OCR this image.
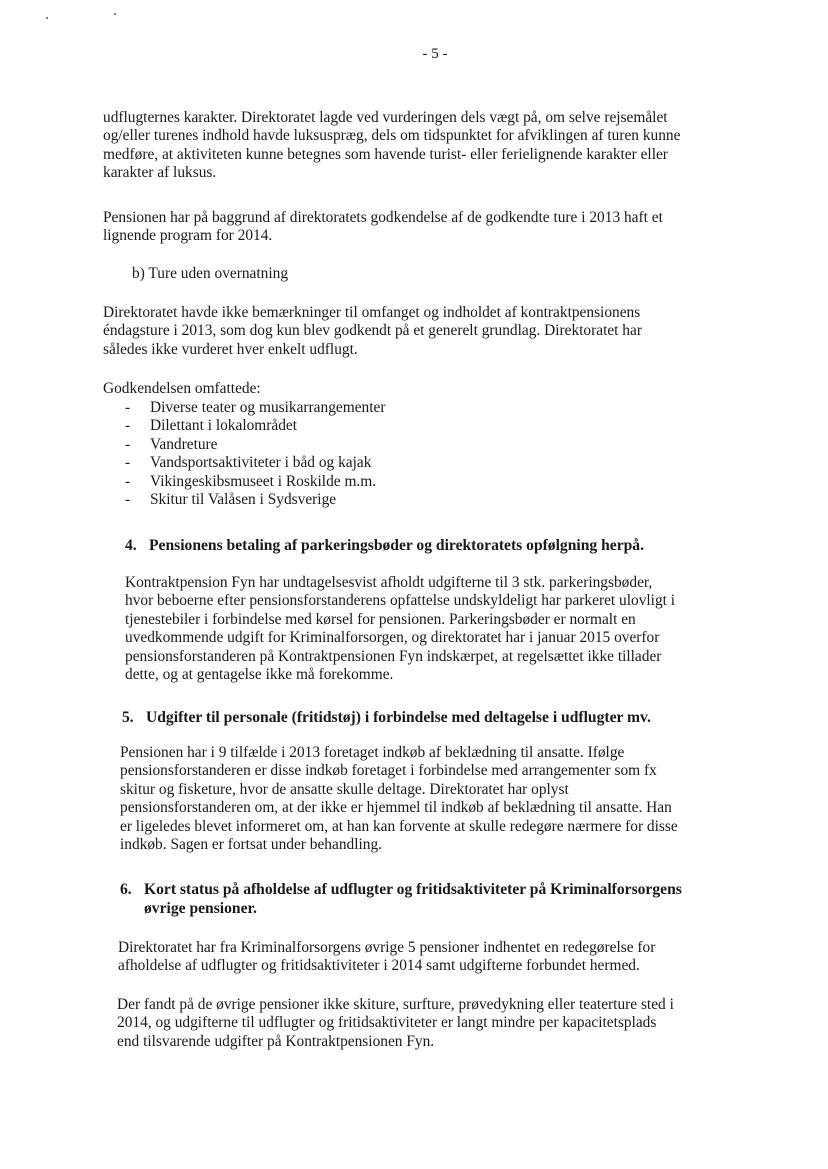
- 5 -

udflugternes karakter. Direktoratet lagde ved vurderingen dels vægt på, om selve rejsemålet
og/eller turenes indhold havde luksuspræg, dels om tidspunktet for afviklingen af turen kunne
medføre, at aktiviteten kunne betegnes som havende turist- eller ferielignende karakter eller
karakter af luksus.

Pensionen har på baggrund af direktoratets godkendelse af de godkendte ture i 2013 haft et
lignende program for 2014.

b) Ture uden overnatning

Direktoratet havde ikke bemærkninger til omfanget og indholdet af kontraktpensionens
éndagsture i 2013, som dog kun blev godkendt på et generelt grundlag. Direktoratet har
således ikke vurderet hver enkelt udflugt.

Godkendelsen omfattede:

- Diverse teater og musikarrangementer
- Dilettant i lokalområdet
- Vandreture
- Vandsportsaktiviteter i båd og kajak
- Vikingeskibsmuseet i Roskilde m.m.
- Skitur til Valåsen i Sydsverige
4. Pensionens betaling af parkeringsbøder og direktoratets opfølgning herpå.

Kontraktpension Fyn har undtagelsesvist afholdt udgifterne til 3 stk. parkeringsbøder,
hvor beboerne efter pensionsforstanderens opfattelse undskyldeligt har parkeret ulovligt i
tjenestebiler i forbindelse med kørsel for pensionen. Parkeringsbøder er normalt en
uvedkommende udgift for Kriminalforsorgen, og direktoratet har i januar 2015 overfor
pensionsforstanderen på Kontraktpensionen Fyn indskærpet, at regelsættet ikke tillader
dette, og at gentagelse ikke må forekomme.

5. Udgifter til personale (fritidstøj) i forbindelse med deltagelse i udflugter mv.

Pensionen har i 9 tilfælde i 2013 foretaget indkøb af beklædning til ansatte. Ifølge
pensionsforstanderen er disse indkøb foretaget i forbindelse med arrangementer som fx
skitur og fisketure, hvor de ansatte skulle deltage. Direktoratet har oplyst
pensionsforstanderen om, at der ikke er hjemmel til indkøb af beklædning til ansatte. Han
er ligeledes blevet informeret om, at han kan forvente at skulle redegøre nærmere for disse
indkøb. Sagen er fortsat under behandling.

6. Kort status på afholdelse af udflugter og fritidsaktiviteter på Kriminalforsorgens
øvrige pensioner.

Direktoratet har fra Kriminalforsorgens øvrige 5 pensioner indhentet en redegørelse for
afholdelse af udflugter og fritidsaktiviteter i 2014 samt udgifterne forbundet hermed.

Der fandt på de øvrige pensioner ikke skiture, surfture, prøvedykning eller teaterture sted i
2014, og udgifterne til udflugter og fritidsaktiviteter er langt mindre per kapacitetsplads
end tilsvarende udgifter på Kontraktpensionen Fyn.
